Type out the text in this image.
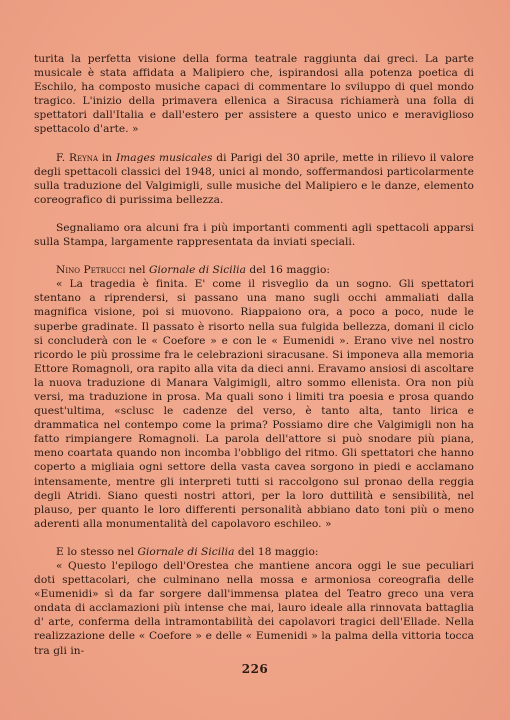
turita la perfetta visione della forma teatrale raggiunta dai greci. La parte musicale è stata affidata a Malipiero che, ispirandosi alla potenza poetica di Eschilo, ha composto musiche capaci di commentare lo sviluppo di quel mondo tragico. L'inizio della primavera ellenica a Siracusa richiamerà una folla di spettatori dall'Italia e dall'estero per assistere a questo unico e meraviglioso spettacolo d'arte. »

F. Reyna in Images musicales di Parigi del 30 aprile, mette in rilievo il valore degli spettacoli classici del 1948, unici al mondo, soffermandosi particolarmente sulla traduzione del Valgimigli, sulle musiche del Malipiero e le danze, elemento coreografico di purissima bellezza.

Segnaliamo ora alcuni fra i più importanti commenti agli spettacoli apparsi sulla Stampa, largamente rappresentata da inviati speciali.

Nino Petrucci nel Giornale di Sicilia del 16 maggio:

« La tragedia è finita. E' come il risveglio da un sogno. Gli spettatori stentano a riprendersi, si passano una mano sugli occhi ammaliati dalla magnifica visione, poi si muovono. Riappaiono ora, a poco a poco, nude le superbe gradinate. Il passato è risorto nella sua fulgida bellezza, domani il ciclo si concluderà con le « Coefore » e con le « Eumenidi ». Erano vive nel nostro ricordo le più prossime fra le celebrazioni siracusane. Si imponeva alla memoria Ettore Romagnoli, ora rapito alla vita da dieci anni. Eravamo ansiosi di ascoltare la nuova traduzione di Manara Valgimigli, altro sommo ellenista. Ora non più versi, ma traduzione in prosa. Ma quali sono i limiti tra poesia e prosa quando quest'ultima, «sclusc le cadenze del verso, è tanto alta, tanto lirica e drammatica nel contempo come la prima? Possiamo dire che Valgimigli non ha fatto rimpiangere Romagnoli. La parola dell'attore si può snodare più piana, meno coartata quando non incomba l'obbligo del ritmo. Gli spettatori che hanno coperto a migliaia ogni settore della vasta cavea sorgono in piedi e acclamano intensamente, mentre gli interpreti tutti si raccolgono sul pronao della reggia degli Atridi. Siano questi nostri attori, per la loro duttilità e sensibilità, nel plauso, per quanto le loro differenti personalità abbiano dato toni più o meno aderenti alla monumentalità del capolavoro eschileo. »

E lo stesso nel Giornale di Sicilia del 18 maggio:

« Questo l'epilogo dell'Orestea che mantiene ancora oggi le sue peculiari doti spettacolari, che culminano nella mossa e armoniosa coreografia delle «Eumenidi» sì da far sorgere dall'immensa platea del Teatro greco una vera ondata di acclamazioni più intense che mai, lauro ideale alla rinnovata battaglia d' arte, conferma della intramontabilità dei capolavori tragici dell'Ellade. Nella realizzazione delle « Coefore » e delle « Eumenidi » la palma della vittoria tocca tra gli in-

226
